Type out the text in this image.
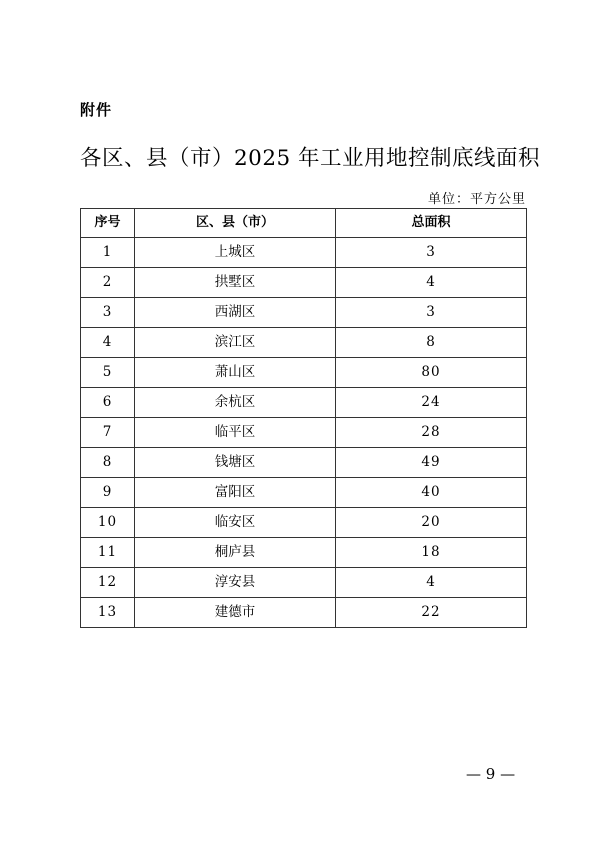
附件
各区、县（市）2025 年工业用地控制底线面积
单位：平方公里
序号	区、县（市）	总面积
1	上城区	3
2	拱墅区	4
3	西湖区	3
4	滨江区	8
5	萧山区	80
6	余杭区	24
7	临平区	28
8	钱塘区	49
9	富阳区	40
10	临安区	20
11	桐庐县	18
12	淳安县	4
13	建德市	22
— 9 —
